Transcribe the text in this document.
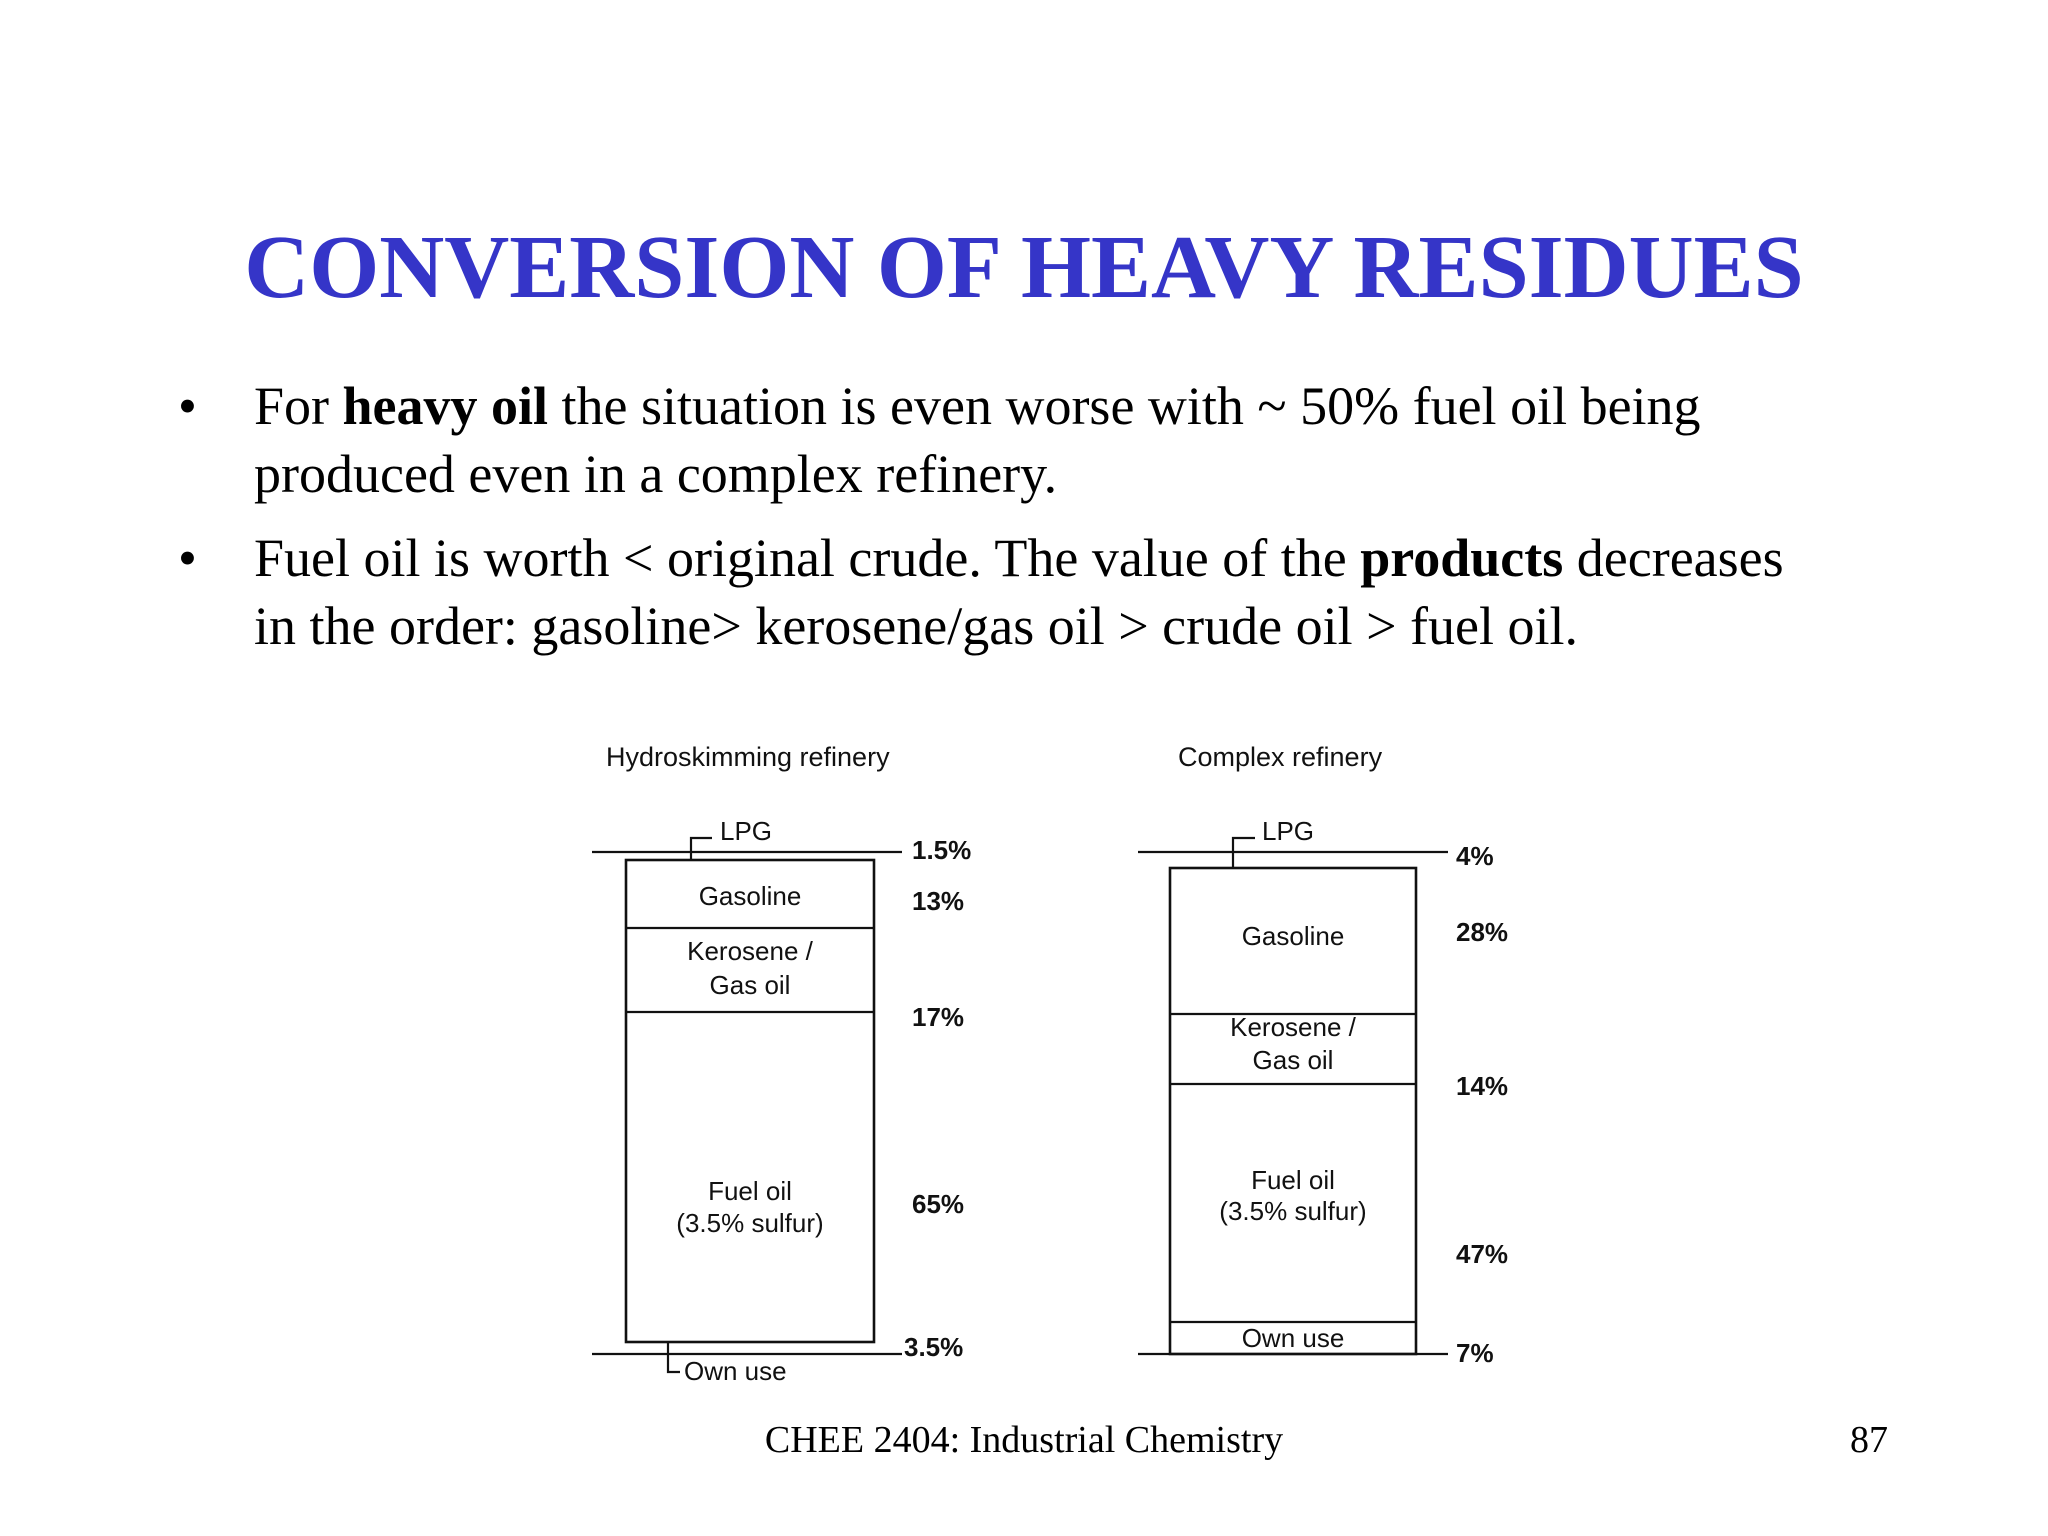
CONVERSION OF HEAVY RESIDUES
• For heavy oil the situation is even worse with ~ 50% fuel oil being produced even in a complex refinery.
• Fuel oil is worth < original crude. The value of the products decreases in the order: gasoline> kerosene/gas oil > crude oil > fuel oil.
Hydroskimming refinery
LPG
1.5%
Gasoline	13%
Kerosene /
Gas oil
17%
Fuel oil
(3.5% sulfur)
65%
Own use
3.5%
Complex refinery
LPG
4%
Gasoline	28%
Kerosene /
Gas oil
14%
Fuel oil
(3.5% sulfur)
47%
Own use	7%
CHEE 2404: Industrial Chemistry	87
